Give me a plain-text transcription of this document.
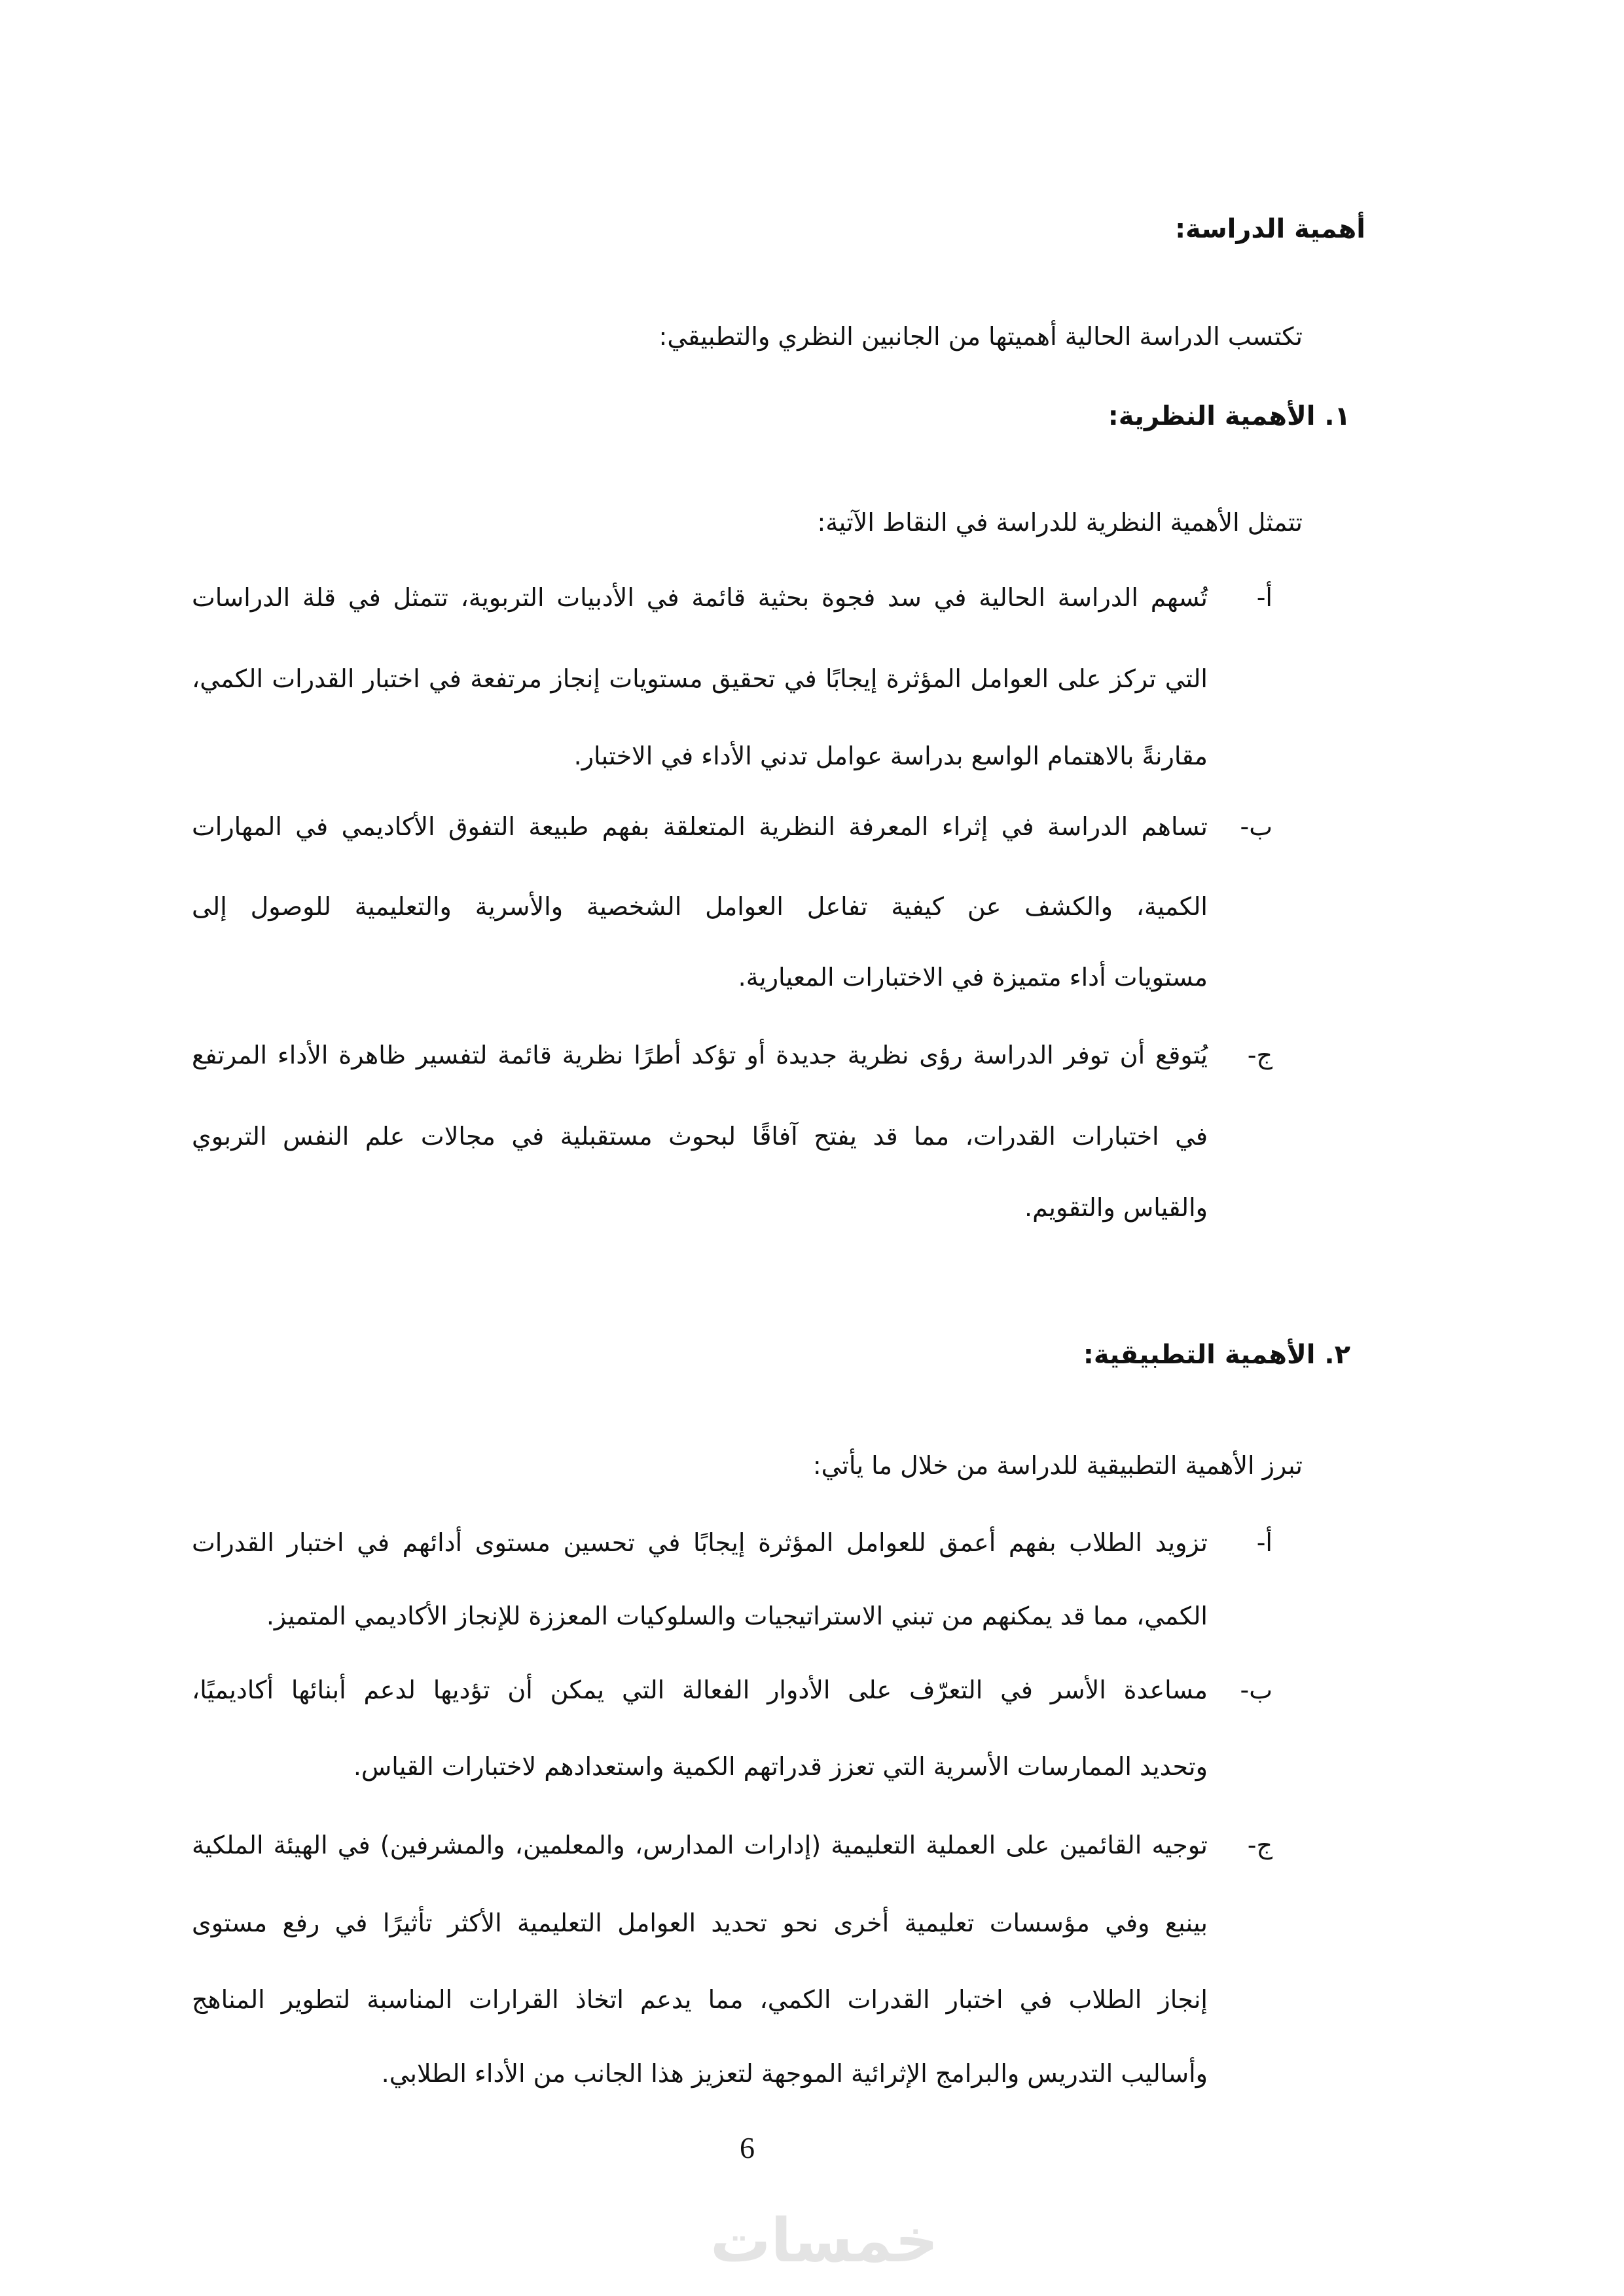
أهمية الدراسة:
تكتسب الدراسة الحالية أهميتها من الجانبين النظري والتطبيقي:
١. الأهمية النظرية:
تتمثل الأهمية النظرية للدراسة في النقاط الآتية:
أ-
تُسهم الدراسة الحالية في سد فجوة بحثية قائمة في الأدبيات التربوية، تتمثل في قلة الدراسات
التي تركز على العوامل المؤثرة إيجابًا في تحقيق مستويات إنجاز مرتفعة في اختبار القدرات الكمي،
مقارنةً بالاهتمام الواسع بدراسة عوامل تدني الأداء في الاختبار.
ب-
تساهم الدراسة في إثراء المعرفة النظرية المتعلقة بفهم طبيعة التفوق الأكاديمي في المهارات
الكمية، والكشف عن كيفية تفاعل العوامل الشخصية والأسرية والتعليمية للوصول إلى
مستويات أداء متميزة في الاختبارات المعيارية.
ج-
يُتوقع أن توفر الدراسة رؤى نظرية جديدة أو تؤكد أطرًا نظرية قائمة لتفسير ظاهرة الأداء المرتفع
في اختبارات القدرات، مما قد يفتح آفاقًا لبحوث مستقبلية في مجالات علم النفس التربوي
والقياس والتقويم.
٢. الأهمية التطبيقية:
تبرز الأهمية التطبيقية للدراسة من خلال ما يأتي:
أ-
تزويد الطلاب بفهم أعمق للعوامل المؤثرة إيجابًا في تحسين مستوى أدائهم في اختبار القدرات
الكمي، مما قد يمكنهم من تبني الاستراتيجيات والسلوكيات المعززة للإنجاز الأكاديمي المتميز.
ب-
مساعدة الأسر في التعرّف على الأدوار الفعالة التي يمكن أن تؤديها لدعم أبنائها أكاديميًا،
وتحديد الممارسات الأسرية التي تعزز قدراتهم الكمية واستعدادهم لاختبارات القياس.
ج-
توجيه القائمين على العملية التعليمية (إدارات المدارس، والمعلمين، والمشرفين) في الهيئة الملكية
بينبع وفي مؤسسات تعليمية أخرى نحو تحديد العوامل التعليمية الأكثر تأثيرًا في رفع مستوى
إنجاز الطلاب في اختبار القدرات الكمي، مما يدعم اتخاذ القرارات المناسبة لتطوير المناهج
وأساليب التدريس والبرامج الإثرائية الموجهة لتعزيز هذا الجانب من الأداء الطلابي.
6
خمسات
